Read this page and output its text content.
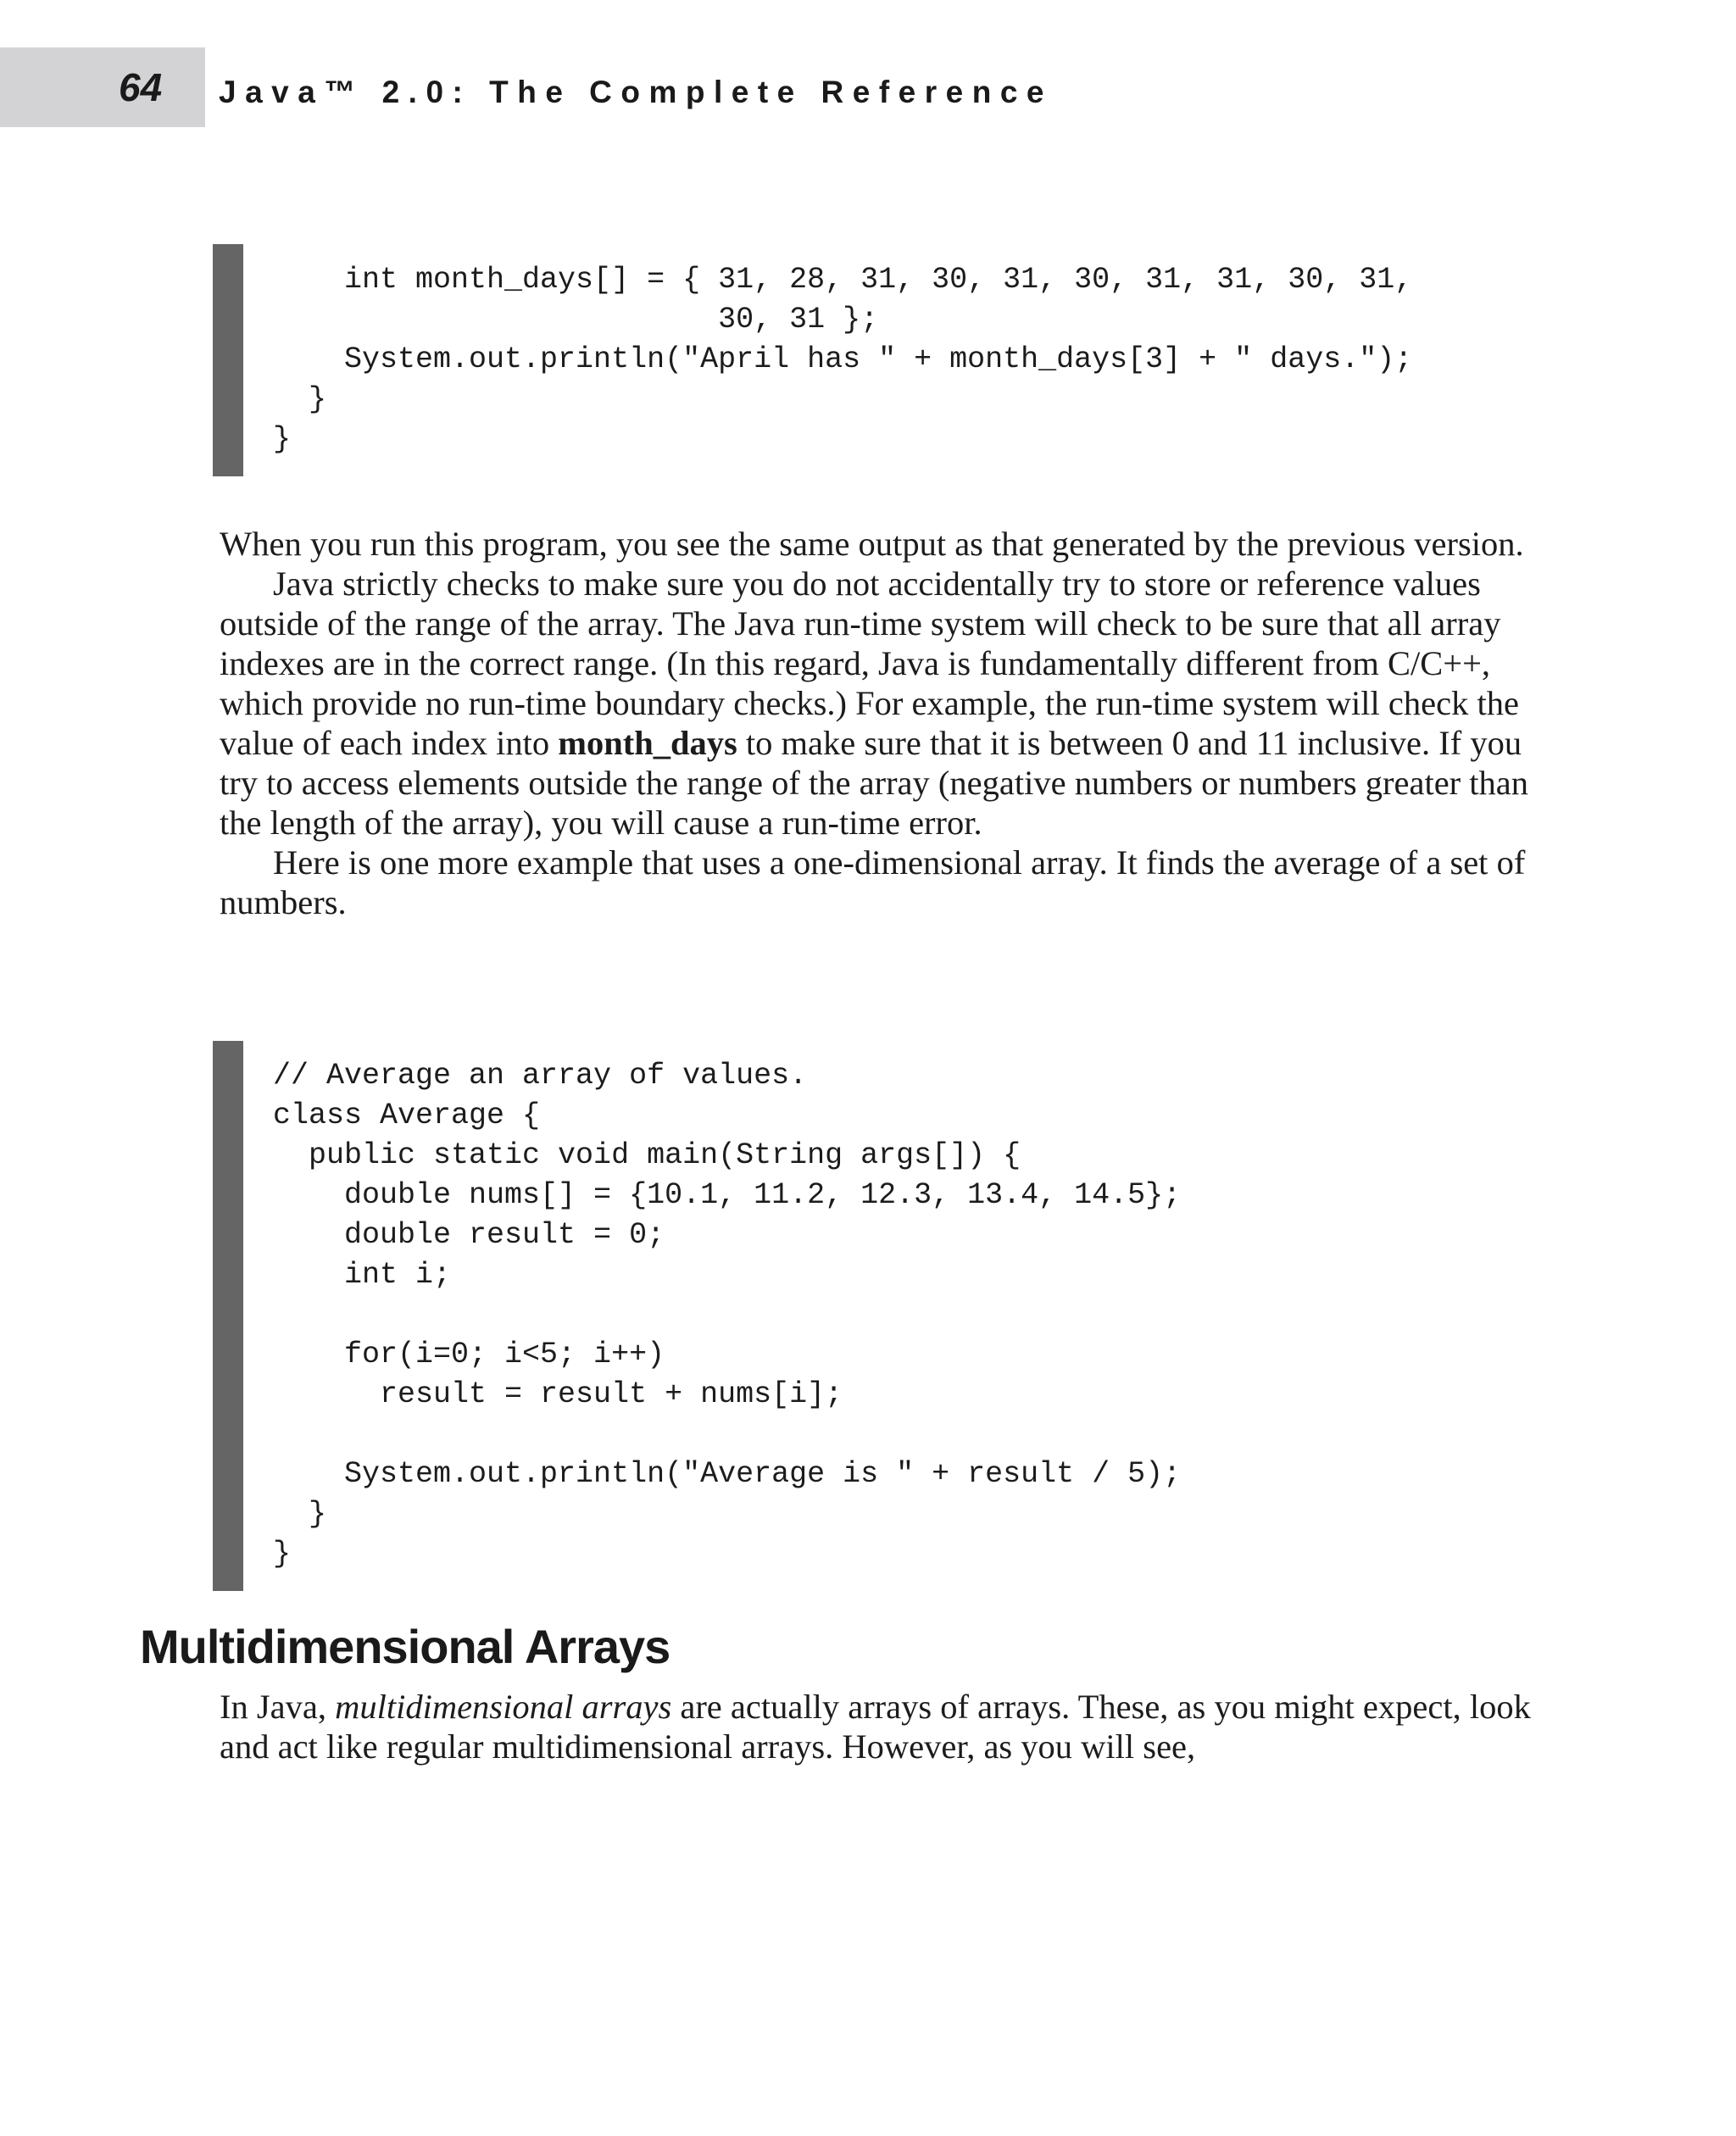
64 Java™ 2.0: The Complete Reference
int month_days[] = { 31, 28, 31, 30, 31, 30, 31, 31, 30, 31,
30, 31 };
System.out.println("April has " + month_days[3] + " days.");
}
}

When you run this program, you see the same output as that generated by the previous version.

Java strictly checks to make sure you do not accidentally try to store or reference values outside of the range of the array. The Java run-time system will check to be sure that all array indexes are in the correct range. (In this regard, Java is fundamentally different from C/C++, which provide no run-time boundary checks.) For example, the run-time system will check the value of each index into month_days to make sure that it is between 0 and 11 inclusive. If you try to access elements outside the range of the array (negative numbers or numbers greater than the length of the array), you will cause a run-time error.

Here is one more example that uses a one-dimensional array. It finds the average of a set of numbers.

// Average an array of values.
class Average {
public static void main(String args[]) {
double nums[] = {10.1, 11.2, 12.3, 13.4, 14.5};
double result = 0;
int i;

for(i=0; i<5; i++)
result = result + nums[i];

System.out.println("Average is " + result / 5);
}
}
Multidimensional Arrays

In Java, multidimensional arrays are actually arrays of arrays. These, as you might expect, look and act like regular multidimensional arrays. However, as you will see,
